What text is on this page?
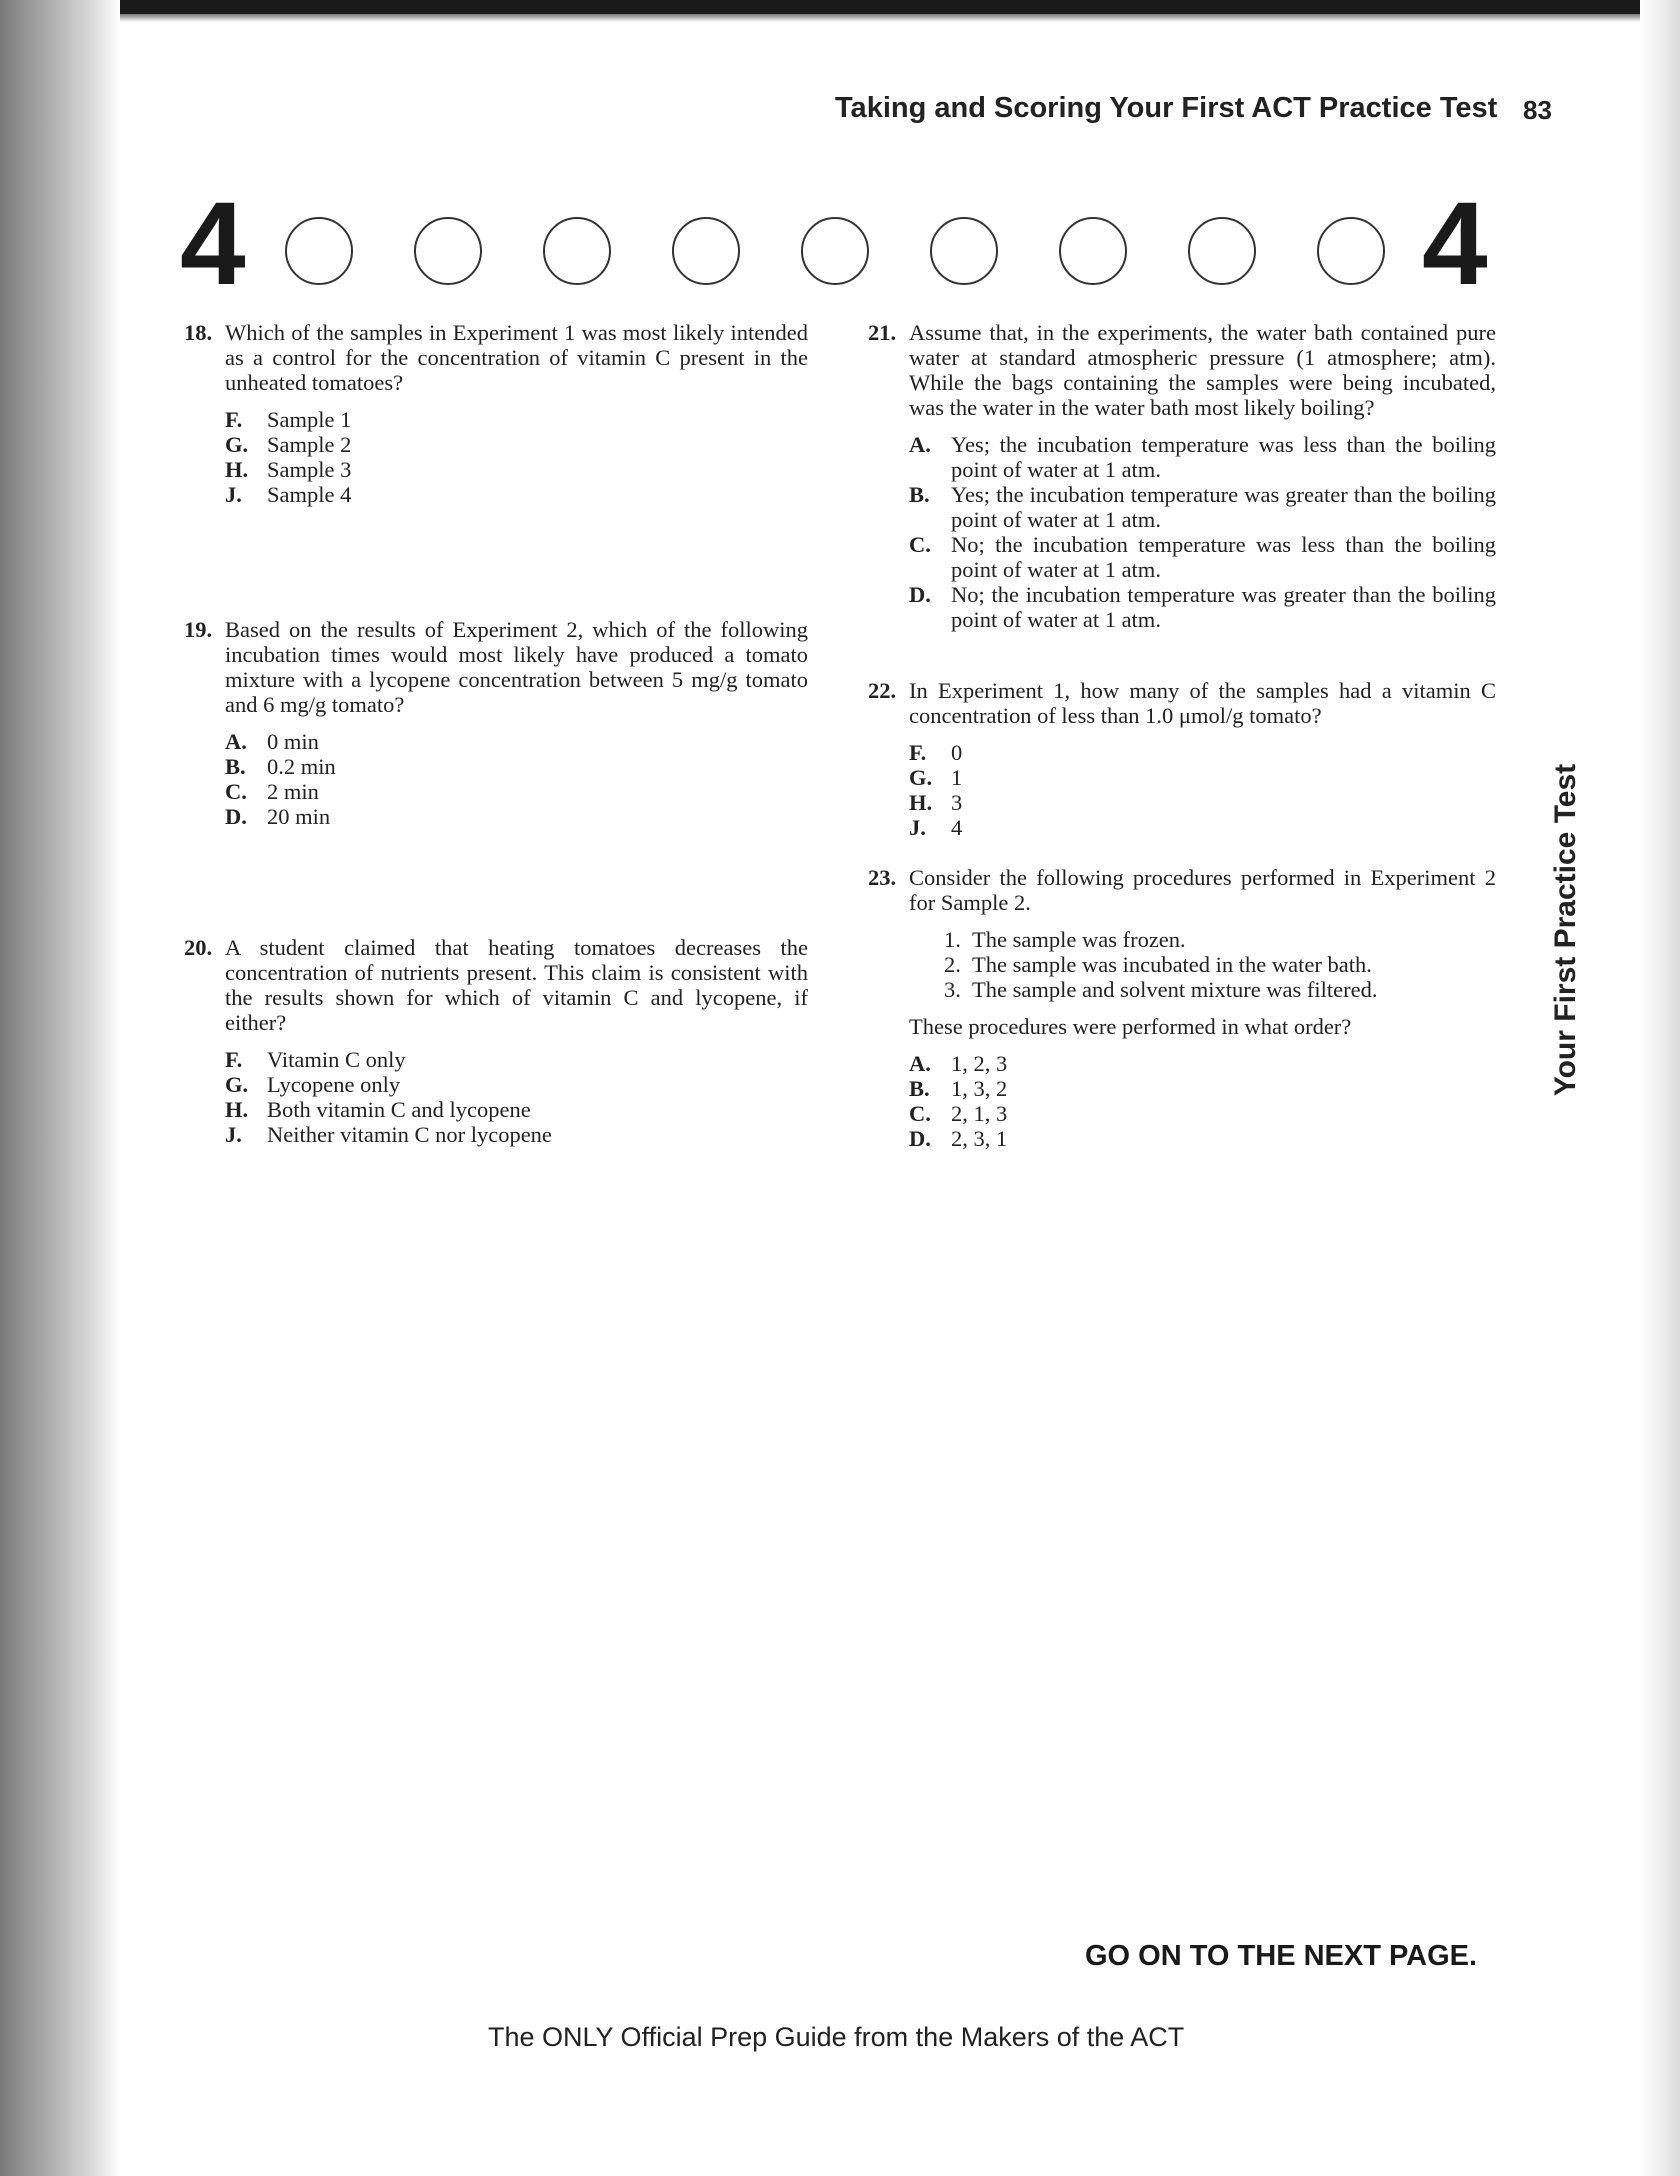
Taking and Scoring Your First ACT Practice Test 83
4	4
18. Which of the samples in Experiment 1 was most likely intended as a control for the concentration of vitamin C present in the unheated tomatoes?
F.	Sample 1
G. Sample 2
H. Sample 3
J.	Sample 4
19. Based on the results of Experiment 2, which of the following incubation times would most likely have produced a tomato mixture with a lycopene concentration between 5 mg/g tomato and 6 mg/g tomato?
A. 0 min
B. 0.2 min
C. 2 min
D. 20 min
20. A student claimed that heating tomatoes decreases the concentration of nutrients present. This claim is consistent with the results shown for which of vitamin C and lycopene, if either?
F.	Vitamin C only
G. Lycopene only
H. Both vitamin C and lycopene
J.	Neither vitamin C nor lycopene
21. Assume that, in the experiments, the water bath contained pure water at standard atmospheric pressure (1 atmosphere; atm). While the bags containing the samples were being incubated, was the water in the water bath most likely boiling?
A. Yes; the incubation temperature was less than the boiling point of water at 1 atm.
B. Yes; the incubation temperature was greater than the boiling point of water at 1 atm.
C. No; the incubation temperature was less than the boiling point of water at 1 atm.
D. No; the incubation temperature was greater than the boiling point of water at 1 atm.
22. In Experiment 1, how many of the samples had a vitamin C concentration of less than 1.0 μmol/g tomato?
F.	0
G. 1
H. 3
J.	4
23. Consider the following procedures performed in Experiment 2 for Sample 2.
1. The sample was frozen.
2. The sample was incubated in the water bath.
3. The sample and solvent mixture was filtered.
These procedures were performed in what order?
A. 1, 2, 3
B. 1, 3, 2
C. 2, 1, 3
D. 2, 3, 1
Your First Practice Test
GO ON TO THE NEXT PAGE.
The ONLY Official Prep Guide from the Makers of the ACT
